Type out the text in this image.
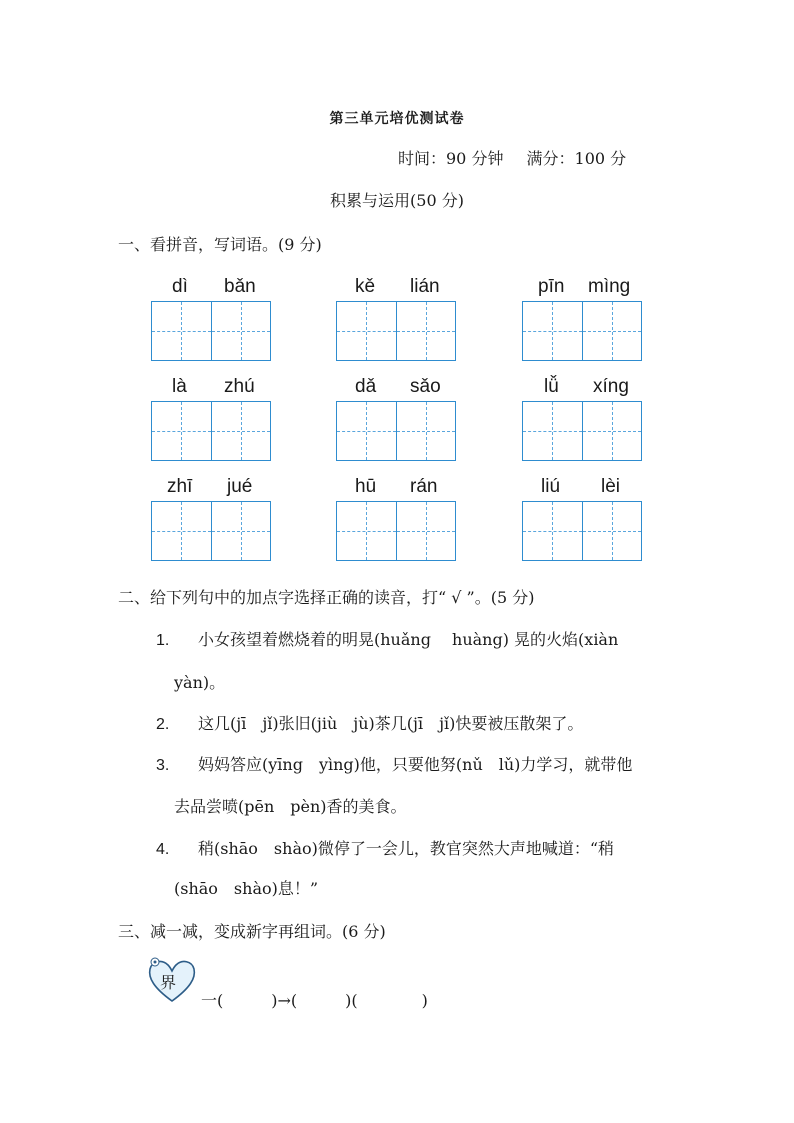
第三单元培优测试卷
时间：90 分钟 满分：100 分
积累与运用(50 分)
一、看拼音，写词语。(9 分)
dì bǎn	kě lián	pīn mìng
là zhú	dǎ sǎo	lǚ xíng
zhī jué	hū rán	liú lèi
二、给下列句中的加点字选择正确的读音，打“ √ ”。(5 分)
1. 小女孩望着燃烧着的明晃(huǎng　 huàng) 晃的火焰(xiàn
yàn)。
2. 这几(jī　jǐ)张旧(jiù　jù)茶几(jī　jǐ)快要被压散架了。
3. 妈妈答应(yīng　yìng)他，只要他努(nǔ　lǔ)力学习，就带他
去品尝喷(pēn　pèn)香的美食。
4. 稍(shāo　shào)微停了一会儿，教官突然大声地喊道：“稍
(shāo　shào)息！”
三、减一减，变成新字再组词。(6 分)
界
一(　　　)→(　　　)(　　　　)
